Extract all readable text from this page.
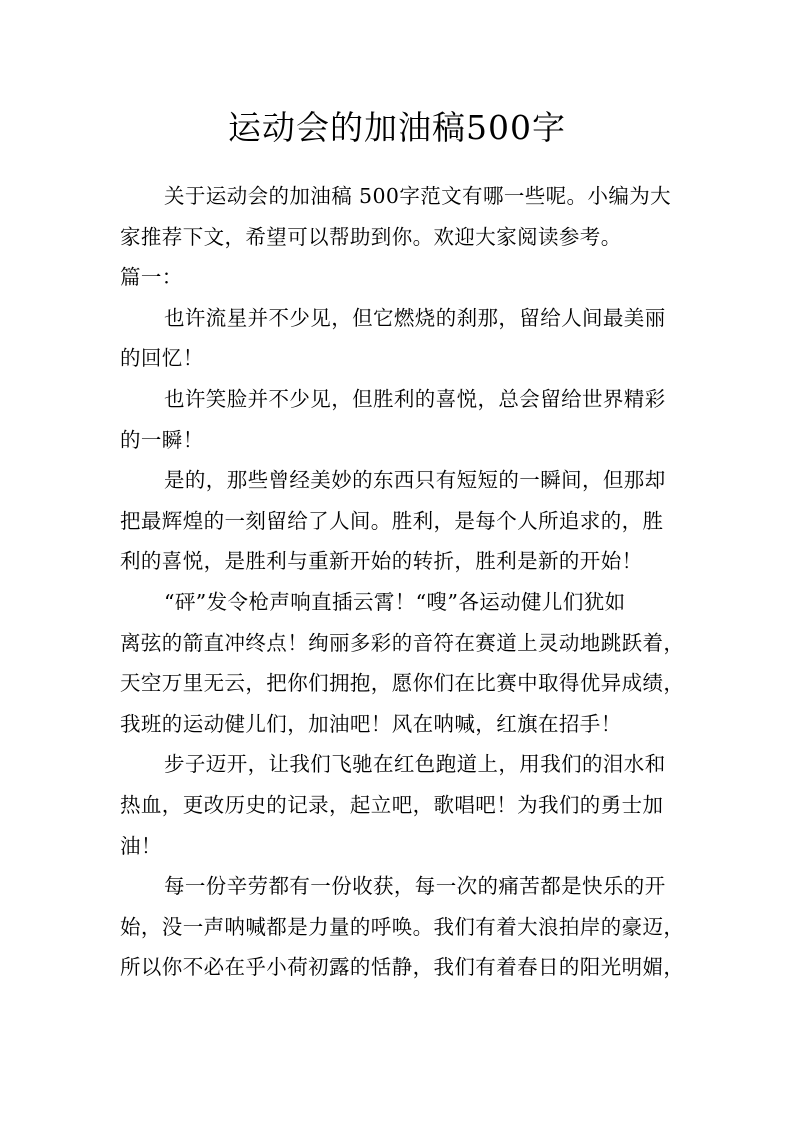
运动会的加油稿500字
关于运动会的加油稿 500字范文有哪一些呢。小编为大
家推荐下文，希望可以帮助到你。欢迎大家阅读参考。
篇一：
也许流星并不少见，但它燃烧的刹那，留给人间最美丽
的回忆！
也许笑脸并不少见，但胜利的喜悦，总会留给世界精彩
的一瞬！
是的，那些曾经美妙的东西只有短短的一瞬间，但那却
把最辉煌的一刻留给了人间。胜利，是每个人所追求的，胜
利的喜悦，是胜利与重新开始的转折，胜利是新的开始！
“砰”发令枪声响直插云霄！“嗖”各运动健儿们犹如
离弦的箭直冲终点！绚丽多彩的音符在赛道上灵动地跳跃着，
天空万里无云，把你们拥抱，愿你们在比赛中取得优异成绩，
我班的运动健儿们，加油吧！风在呐喊，红旗在招手！
步子迈开，让我们飞驰在红色跑道上，用我们的泪水和
热血，更改历史的记录，起立吧，歌唱吧！为我们的勇士加
油！
每一份辛劳都有一份收获，每一次的痛苦都是快乐的开
始，没一声呐喊都是力量的呼唤。我们有着大浪拍岸的豪迈，
所以你不必在乎小荷初露的恬静，我们有着春日的阳光明媚，
